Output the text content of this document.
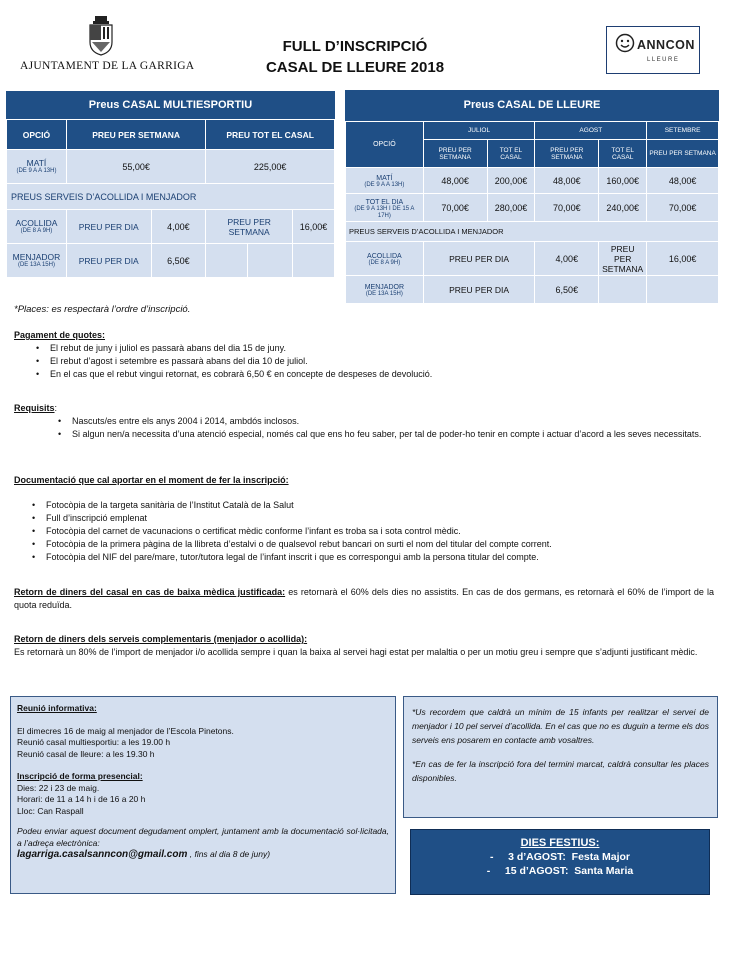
AJUNTAMENT DE LA GARRIGA
FULL D’INSCRIPCIÓ
CASAL DE LLEURE 2018
ANNCON
LLEURE
Preus CASAL MULTIESPORTIU
OPCIÓ	PREU PER SETMANA		PREU TOT EL CASAL		
MATÍ
(DE 9 A A 13H)	55,00€		225,00€		
PREUS SERVEIS D’ACOLLIDA I MENJADOR					
ACOLLIDA
(DE 8 A 9H)	PREU PER DIA	4,00€	PREU PER SETMANA		16,00€
MENJADOR
(DE 13A 15H)	PREU PER DIA	6,50€			
Preus CASAL DE LLEURE
OPCIÓ	JULIOL		AGOST		SETEMBRE
	PREU PER SETMANA	TOT EL CASAL	PREU PER SETMANA	TOT EL CASAL	PREU PER SETMANA
MATÍ
(DE 9 A A 13H)	48,00€	200,00€	48,00€	160,00€	48,00€
TOT EL DIA
(DE 9 A 13H I DE 15 A 17H)	70,00€	280,00€	70,00€	240,00€	70,00€
PREUS SERVEIS D’ACOLLIDA I MENJADOR					
ACOLLIDA
(DE 8 A 9H)	PREU PER DIA		4,00€	PREU PER SETMANA	16,00€
MENJADOR
(DE 13A 15H)	PREU PER DIA		6,50€		
*Places: es respectarà l’ordre d’inscripció.
Pagament de quotes:
• El rebut de juny i juliol es passarà abans del dia 15 de juny.
• El rebut d’agost i setembre es passarà abans del dia 10 de juliol.
• En el cas que el rebut vingui retornat, es cobrarà 6,50 € en concepte de despeses de devolució.
Requisits:
• Nascuts/es entre els anys 2004 i 2014, ambdós inclosos.
• Si algun nen/a necessita d’una atenció especial, només cal que ens ho feu saber, per tal de poder-ho tenir en compte i actuar d’acord a les seves necessitats.
Documentació que cal aportar en el moment de fer la inscripció:
• Fotocòpia de la targeta sanitària de l’Institut Català de la Salut
• Full d’inscripció emplenat
• Fotocòpia del carnet de vacunacions o certificat mèdic conforme l’infant es troba sa i sota control mèdic.
• Fotocòpia de la primera pàgina de la llibreta d’estalvi o de qualsevol rebut bancari on surti el nom del titular del compte corrent.
• Fotocòpia del NIF del pare/mare, tutor/tutora legal de l’infant inscrit i que es correspongui amb la persona titular del compte.
Retorn de diners del casal en cas de baixa mèdica justificada: es retornarà el 60% dels dies no assistits. En cas de dos germans, es retornarà el 60% de l’import de la quota reduïda.
Retorn de diners dels serveis complementaris (menjador o acollida):
Es retornarà un 80% de l’import de menjador i/o acollida sempre i quan la baixa al servei hagi estat per malaltia o per un motiu greu i sempre que s’adjunti justificant mèdic.
Reunió informativa:
El dimecres 16 de maig al menjador de l’Escola Pinetons.
Reunió casal multiesportiu: a les 19.00 h
Reunió casal de lleure: a les 19.30 h
Inscripció de forma presencial:
Dies: 22 i 23 de maig.
Horari: de 11 a 14 h i de 16 a 20 h
Lloc: Can Raspall
Podeu enviar aquest document degudament omplert, juntament amb la documentació sol·licitada, a l’adreça electrònica:
lagarriga.casalsanncon@gmail.com , fins al dia 8 de juny)
*Us recordem que caldrà un mínim de 15 infants per realitzar el servei de menjador i 10 pel servei d’acollida. En el cas que no es duguin a terme els dos serveis ens posarem en contacte amb vosaltres.
*En cas de fer la inscripció fora del termini marcat, caldrà consultar les places disponibles.
DIES FESTIUS:
-     3 d’AGOST:  Festa Major
-     15 d’AGOST:  Santa Maria
